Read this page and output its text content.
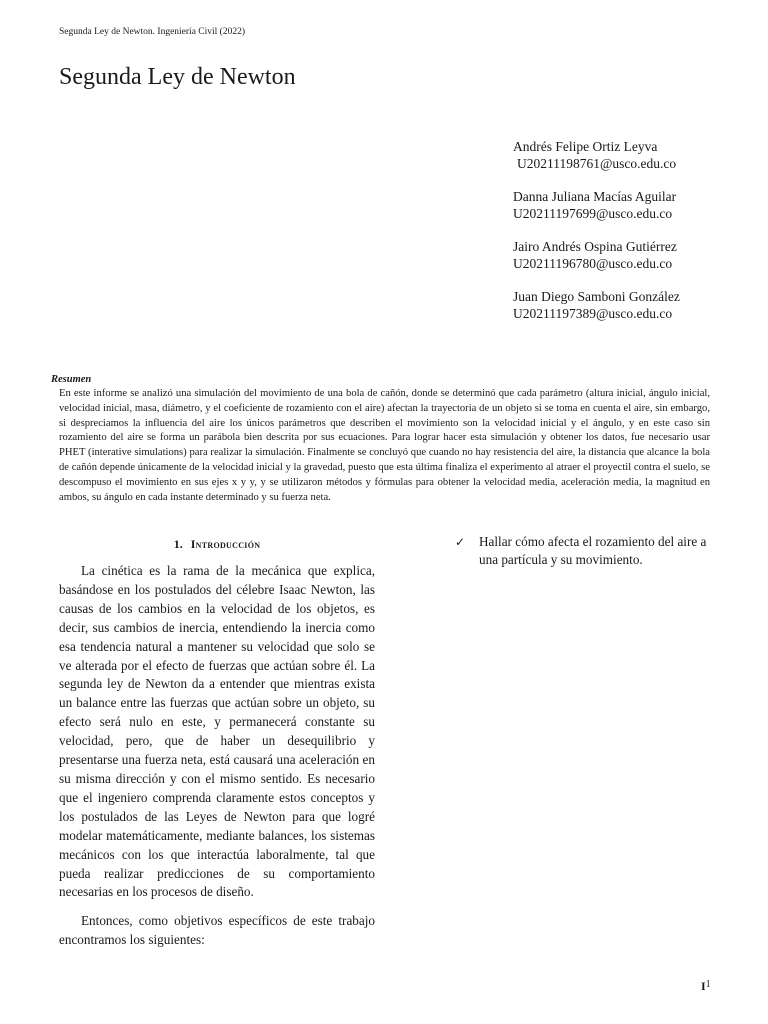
Segunda Ley de Newton. Ingeniería Civil (2022)
Segunda Ley de Newton
Andrés Felipe Ortiz Leyva
U20211198761@usco.edu.co
Danna Juliana Macías Aguilar
U20211197699@usco.edu.co
Jairo Andrés Ospina Gutiérrez
U20211196780@usco.edu.co
Juan Diego Samboni González
U20211197389@usco.edu.co
Resumen

En este informe se analizó una simulación del movimiento de una bola de cañón, donde se determinó que cada parámetro (altura inicial, ángulo inicial, velocidad inicial, masa, diámetro, y el coeficiente de rozamiento con el aire) afectan la trayectoria de un objeto si se toma en cuenta el aire, sin embargo, si despreciamos la influencia del aire los únicos parámetros que describen el movimiento son la velocidad inicial y el ángulo, y en este caso sin rozamiento del aire se forma un parábola bien descrita por sus ecuaciones. Para lograr hacer esta simulación y obtener los datos, fue necesario usar PHET (interative simulations) para realizar la simulación. Finalmente se concluyó que cuando no hay resistencia del aire, la distancia que alcance la bola de cañón depende únicamente de la velocidad inicial y la gravedad, puesto que esta última finaliza el experimento al atraer el proyectil contra el suelo, se descompuso el movimiento en sus ejes x y y, y se utilizaron métodos y fórmulas para obtener la velocidad media, aceleración media, la magnitud en ambos, su ángulo en cada instante determinado y su fuerza neta.

1. Introducción

La cinética es la rama de la mecánica que explica, basándose en los postulados del célebre Isaac Newton, las causas de los cambios en la velocidad de los objetos, es decir, sus cambios de inercia, entendiendo la inercia como esa tendencia natural a mantener su velocidad que solo se ve alterada por el efecto de fuerzas que actúan sobre él. La segunda ley de Newton da a entender que mientras exista un balance entre las fuerzas que actúan sobre un objeto, su efecto será nulo en este, y permanecerá constante su velocidad, pero, que de haber un desequilibrio y presentarse una fuerza neta, está causará una aceleración en su misma dirección y con el mismo sentido. Es necesario que el ingeniero comprenda claramente estos conceptos y los postulados de las Leyes de Newton para que logré modelar matemáticamente, mediante balances, los sistemas mecánicos con los que interactúa laboralmente, tal que pueda realizar predicciones de su comportamiento necesarias en los procesos de diseño.

Entonces, como objetivos específicos de este trabajo encontramos los siguientes:

✓	Hallar cómo afecta el rozamiento del aire a una partícula y su movimiento.
$I^1$
